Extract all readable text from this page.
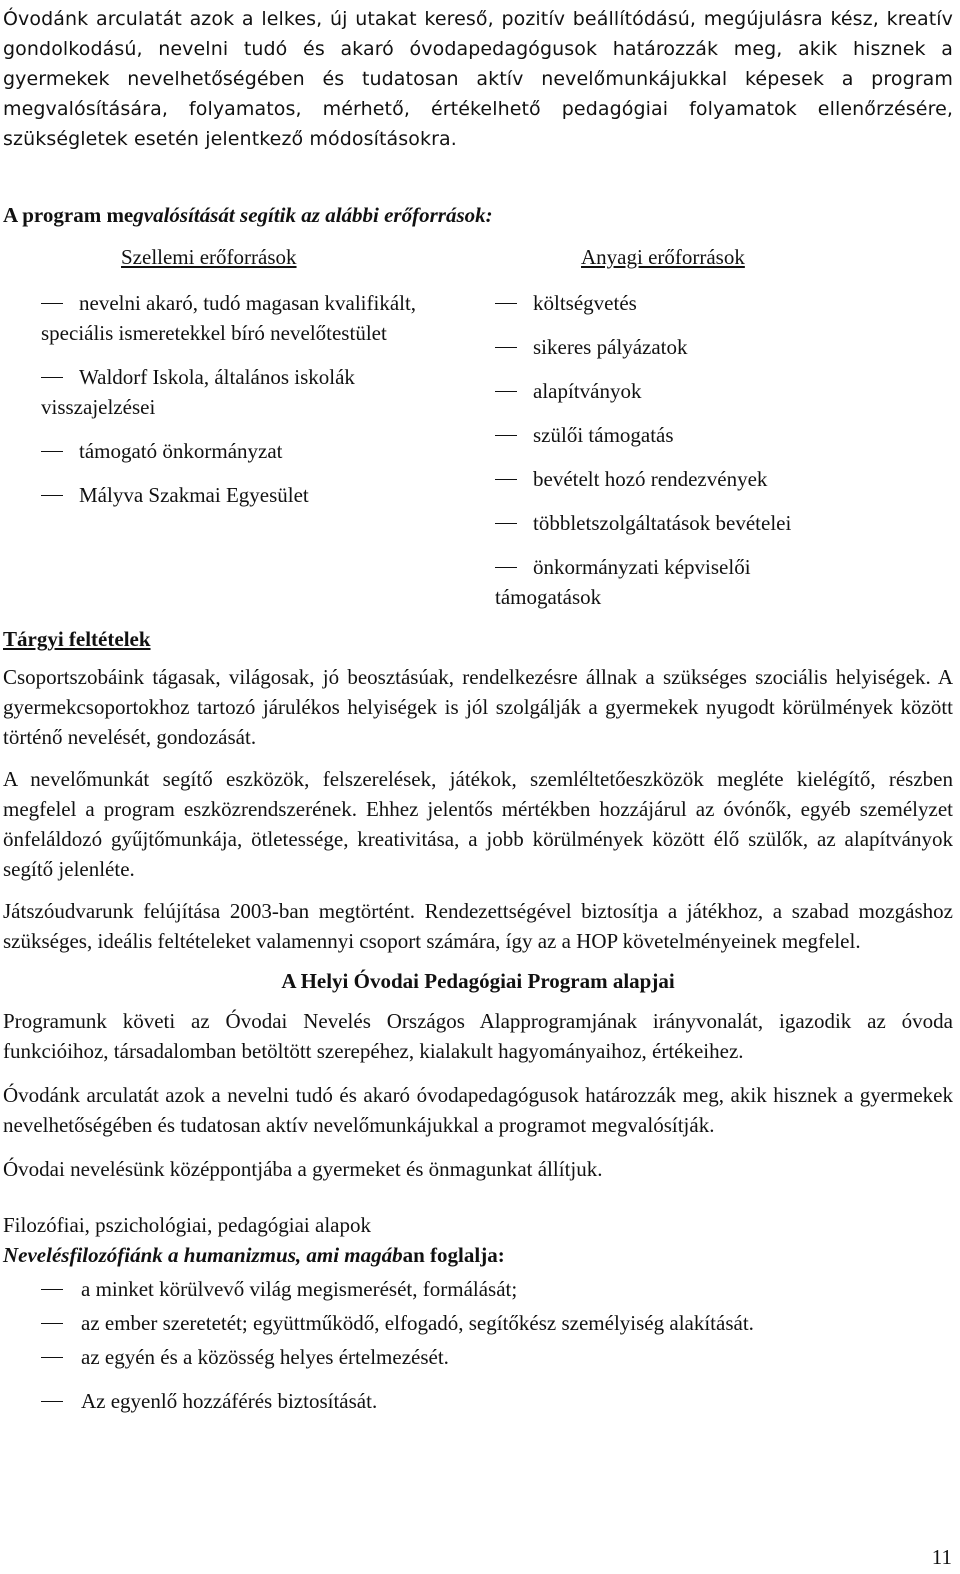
Óvodánk arculatát azok a lelkes, új utakat kereső, pozitív beállítódású, megújulásra kész, kreatív gondolkodású, nevelni tudó és akaró óvodapedagógusok határozzák meg, akik hisznek a gyermekek nevelhetőségében és tudatosan aktív nevelőmunkájukkal képesek a program megvalósítására, folyamatos, mérhető, értékelhető pedagógiai folyamatok ellenőrzésére, szükségletek esetén jelentkező módosításokra.

A program megvalósítását segítik az alábbi erőforrások:

Szellemi erőforrások
nevelni akaró, tudó magasan kvalifikált, speciális ismeretekkel bíró nevelőtestület
Waldorf Iskola, általános iskolák visszajelzései
támogató önkormányzat
Mályva Szakmai Egyesület
Anyagi erőforrások
költségvetés
sikeres pályázatok
alapítványok
szülői támogatás
bevételt hozó rendezvények
többletszolgáltatások bevételei
önkormányzati képviselői támogatások

Tárgyi feltételek

Csoportszobáink tágasak, világosak, jó beosztásúak, rendelkezésre állnak a szükséges szociális helyiségek. A gyermekcsoportokhoz tartozó járulékos helyiségek is jól szolgálják a gyermekek nyugodt körülmények között történő nevelését, gondozását.

A nevelőmunkát segítő eszközök, felszerelések, játékok, szemléltetőeszközök megléte kielégítő, részben megfelel a program eszközrendszerének. Ehhez jelentős mértékben hozzájárul az óvónők, egyéb személyzet önfeláldozó gyűjtőmunkája, ötletessége, kreativitása, a jobb körülmények között élő szülők, az alapítványok segítő jelenléte.

Játszóudvarunk felújítása 2003-ban megtörtént. Rendezettségével biztosítja a játékhoz, a szabad mozgáshoz szükséges, ideális feltételeket valamennyi csoport számára, így az a HOP követelményeinek megfelel.

A Helyi Óvodai Pedagógiai Program alapjai

Programunk követi az Óvodai Nevelés Országos Alapprogramjának irányvonalát, igazodik az óvoda funkcióihoz, társadalomban betöltött szerepéhez, kialakult hagyományaihoz, értékeihez.

Óvodánk arculatát azok a nevelni tudó és akaró óvodapedagógusok határozzák meg, akik hisznek a gyermekek nevelhetőségében és tudatosan aktív nevelőmunkájukkal a programot megvalósítják.

Óvodai nevelésünk középpontjába a gyermeket és önmagunkat állítjuk.

Filozófiai, pszichológiai, pedagógiai alapok

Nevelésfilozófiánk a humanizmus, ami magában foglalja:

a minket körülvevő világ megismerését, formálását;
az ember szeretetét; együttműködő, elfogadó, segítőkész személyiség alakítását.
az egyén és a közösség helyes értelmezését.
Az egyenlő hozzáférés biztosítását.
11
